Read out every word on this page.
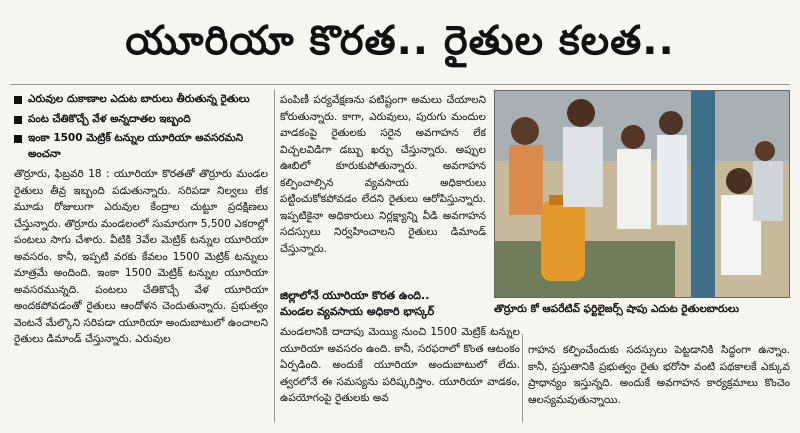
యూరియా కొరత.. రైతుల కలత..
ఎరువుల దుకాణాల ఎదుట బారులు తీరుతున్న రైతులు
పంట చేతికొచ్చే వేళ అన్నదాతల ఇబ్బంది
ఇంకా 1500 మెట్రిక్ టన్నుల యూరియా అవసరమని అంచనా

తొర్రూరు, ఫిబ్రవరి 18 : యూరియా కొరతతో తొర్రూరు మండల రైతులు తీవ్ర ఇబ్బంది పడుతున్నారు. సరిపడా నిల్వలు లేక మూడు రోజులుగా ఎరువుల కేంద్రాల చుట్టూ ప్రదక్షిణలు చేస్తున్నారు. తొర్రూరు మండలంలో సుమారుగా 5,500 ఎకరాల్లో పంటలు సాగు చేశారు. వీటికి 3వేల మెట్రిక్ టన్నుల యూరియా అవసరం. కానీ, ఇప్పటి వరకు కేవలం 1500 మెట్రిక్ టన్నులు మాత్రమే అందింది. ఇంకా 1500 మెట్రిక్ టన్నుల యూరియా అవసరమున్నది. పంటలు చేతికొచ్చే వేళ యూరియా అందకపోవడంతో రైతులు ఆందోళన చెందుతున్నారు. ప్రభుత్వం వెంటనే మేల్కొని సరిపడా యూరియా అందుబాటులో ఉంచాలని రైతులు డిమాండ్ చేస్తున్నారు. ఎరువుల

పంపిణీ పర్యవేక్షణను పటిష్టంగా అమలు చేయాలని కోరుతున్నారు. కాగా, ఎరువులు, పురుగు మందుల వాడకంపై రైతులకు సరైన అవగాహన లేక విచ్చలవిడిగా డబ్బు ఖర్చు చేస్తున్నారు. అప్పుల ఊబిలో కూరుకుపోతున్నారు. అవగాహన కల్పించాల్సిన వ్యవసాయ అధికారులు పట్టించుకోకపోవడం లేదని రైతులు ఆరోపిస్తున్నారు. ఇప్పటికైనా అధికారులు నిర్లక్ష్యాన్ని వీడి అవగాహన సదస్సులు నిర్వహించాలని రైతులు డిమాండ్ చేస్తున్నారు.

జిల్లాలోనే యూరియా కొరత ఉంది..
మండల వ్యవసాయ అధికారి భాస్కర్
మండలానికి దాదాపు మెయ్యి నుంచి 1500 మెట్రిక్ టన్నుల యూరియా అవసరం ఉంది. కానీ, సరఫరాలో కొంత ఆటంకం ఏర్పడింది. అందుకే యూరియా అందుబాటులో లేదు. త్వరలోనే ఈ సమస్యను పరిష్కరిస్తాం. యూరియా వాడకం, ఉపయోగంపై రైతులకు అవ
గాహన కల్పించేందుకు సదస్సులు పెట్టడానికి సిద్ధంగా ఉన్నాం. కానీ, ప్రస్తుతానికి ప్రభుత్వం రైతు భరోసా వంటి పథకాలకే ఎక్కువ ప్రాధాన్యం ఇస్తున్నది. అందుకే అవగాహన కార్యక్రమాలు కొంచెం ఆలస్యమవుతున్నాయి.
తొర్రూరు కో ఆపరేటివ్ ఫర్టిలైజర్స్ షాపు ఎదుట రైతులబారులు
